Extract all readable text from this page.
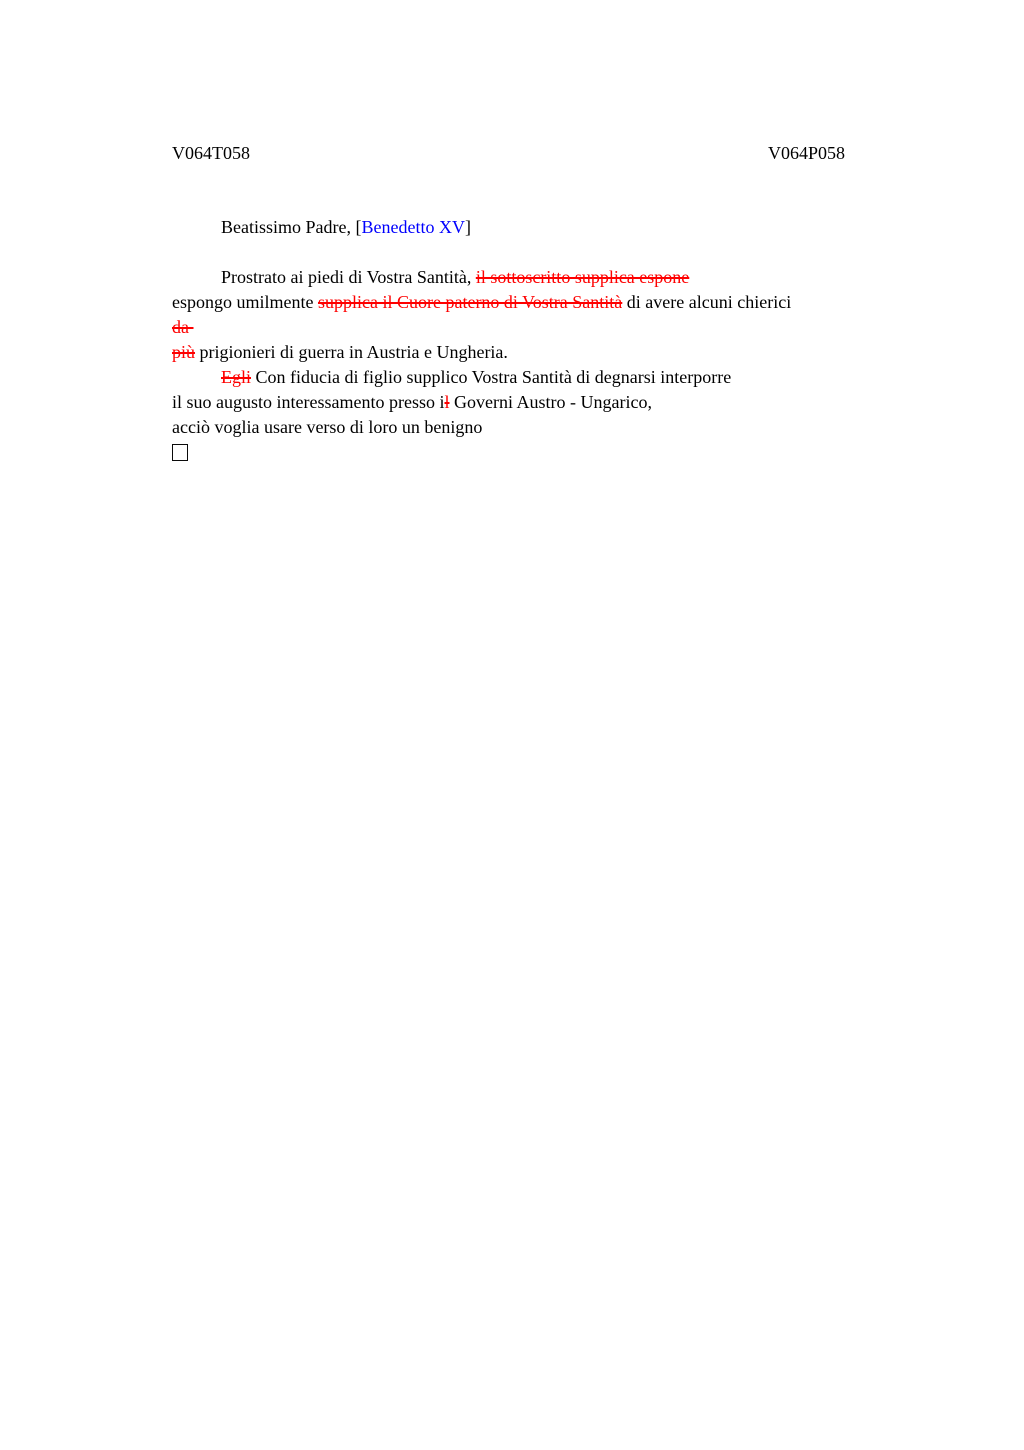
V064T058	V064P058
Beatissimo Padre, [Benedetto XV]
Prostrato ai piedi di Vostra Santità, il sottoscritto supplica espone
espongo umilmente supplica il Cuore paterno di Vostra Santità di avere alcuni chierici
da
più prigionieri di guerra in Austria e Ungheria.
Egli Con fiducia di figlio supplico Vostra Santità di degnarsi interporre
il suo augusto interessamento presso il Governi Austro - Ungarico,
acciò voglia usare verso di loro un benigno
